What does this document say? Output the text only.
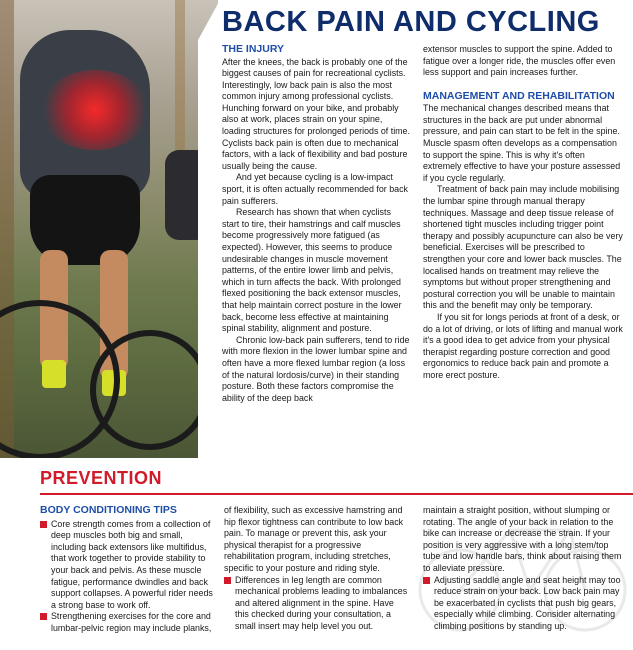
BACK PAIN AND CYCLING
THE INJURY

After the knees, the back is probably one of the biggest causes of pain for recreational cyclists. Interestingly, low back pain is also the most common injury among professional cyclists. Hunching forward on your bike, and probably also at work, places strain on your spine, loading structures for prolonged periods of time. Cyclists back pain is often due to mechanical factors, with a lack of flexibility and bad posture usually being the cause.

And yet because cycling is a low-impact sport, it is often actually recommended for back pain sufferers.

Research has shown that when cyclists start to tire, their hamstrings and calf muscles become progressively more fatigued (as expected). However, this seems to produce undesirable changes in muscle movement patterns, of the entire lower limb and pelvis, which in turn affects the back. With prolonged flexed positioning the back extensor muscles, that help maintain correct posture in the lower back, become less effective at maintaining spinal stability, alignment and posture.

Chronic low-back pain sufferers, tend to ride with more flexion in the lower lumbar spine and often have a more flexed lumbar region (a loss of the natural lordosis/curve) in their standing posture. Both these factors compromise the ability of the deep back

extensor muscles to support the spine. Added to fatigue over a longer ride, the muscles offer even less support and pain increases further.

MANAGEMENT AND REHABILITATION

The mechanical changes described means that structures in the back are put under abnormal pressure, and pain can start to be felt in the spine. Muscle spasm often develops as a compensation to support the spine. This is why it's often extremely effective to have your posture assessed if you cycle regularly.

Treatment of back pain may include mobilising the lumbar spine through manual therapy techniques. Massage and deep tissue release of shortened tight muscles including trigger point therapy and possibly acupuncture can also be very beneficial. Exercises will be prescribed to strengthen your core and lower back muscles. The localised hands on treatment may relieve the symptoms but without proper strengthening and postural correction you will be unable to maintain this and the benefit may only be temporary.

If you sit for longs periods at front of a desk, or do a lot of driving, or lots of lifting and manual work it's a good idea to get advice from your physical therapist regarding posture correction and good ergonomics to reduce back pain and promote a more erect posture.

PREVENTION
BODY CONDITIONING TIPS
Core strength comes from a collection of deep muscles both big and small, including back extensors like multifidus, that work together to provide stability to your back and pelvis. As these muscle fatigue, performance dwindles and back support collapses. A powerful rider needs a strong base to work off.
Strengthening exercises for the core and lumbar-pelvic region may include planks,
of flexibility, such as excessive hamstring and hip flexor tightness can contribute to low back pain. To manage or prevent this, ask your physical therapist for a progressive rehabilitation program, including stretches, specific to your posture and riding style.
Differences in leg length are common mechanical problems leading to imbalances and altered alignment in the spine. Have this checked during your consultation, a small insert may help level you out.
maintain a straight position, without slumping or rotating. The angle of your back in relation to the bike can increase or decrease the strain. If your position is very aggressive with a long stem/top tube and low handle bars, think about raising them to alleviate pressure.
Adjusting saddle angle and seat height may too reduce strain on your back. Low back pain may be exacerbated in cyclists that push big gears, especially while climbing. Consider alternating climbing positions by standing up.
